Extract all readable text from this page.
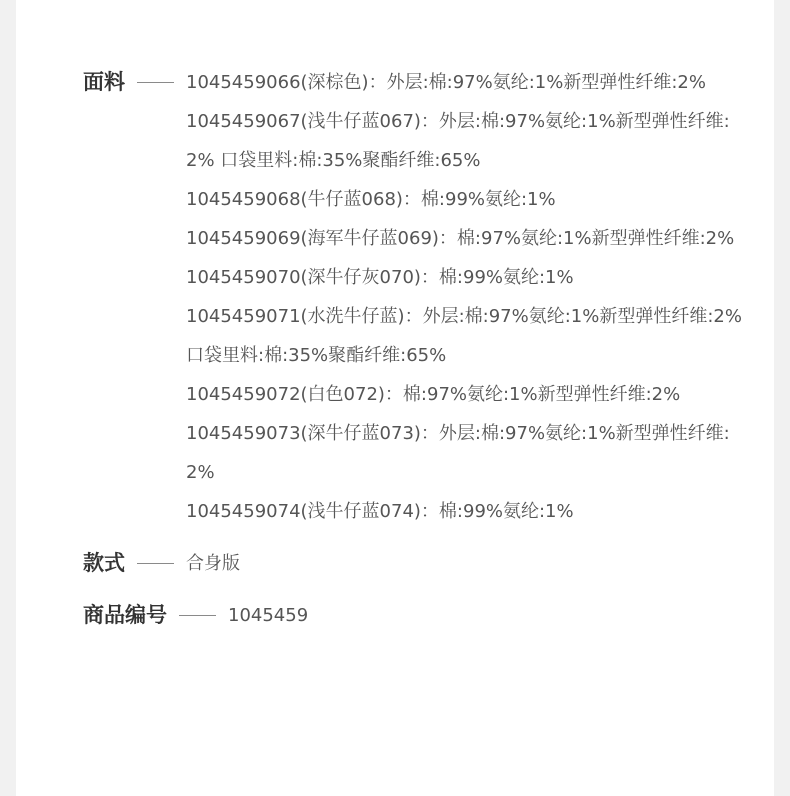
面料	1045459066(深棕色)：外层:棉:97%氨纶:1%新型弹性纤维:2%
1045459067(浅牛仔蓝067)：外层:棉:97%氨纶:1%新型弹性纤维:2% 口袋里料:棉:35%聚酯纤维:65%
1045459068(牛仔蓝068)：棉:99%氨纶:1%
1045459069(海军牛仔蓝069)：棉:97%氨纶:1%新型弹性纤维:2%
1045459070(深牛仔灰070)：棉:99%氨纶:1%
1045459071(水洗牛仔蓝)：外层:棉:97%氨纶:1%新型弹性纤维:2% 口袋里料:棉:35%聚酯纤维:65%
1045459072(白色072)：棉:97%氨纶:1%新型弹性纤维:2%
1045459073(深牛仔蓝073)：外层:棉:97%氨纶:1%新型弹性纤维:2%
1045459074(浅牛仔蓝074)：棉:99%氨纶:1%
款式	合身版
商品编号	1045459
